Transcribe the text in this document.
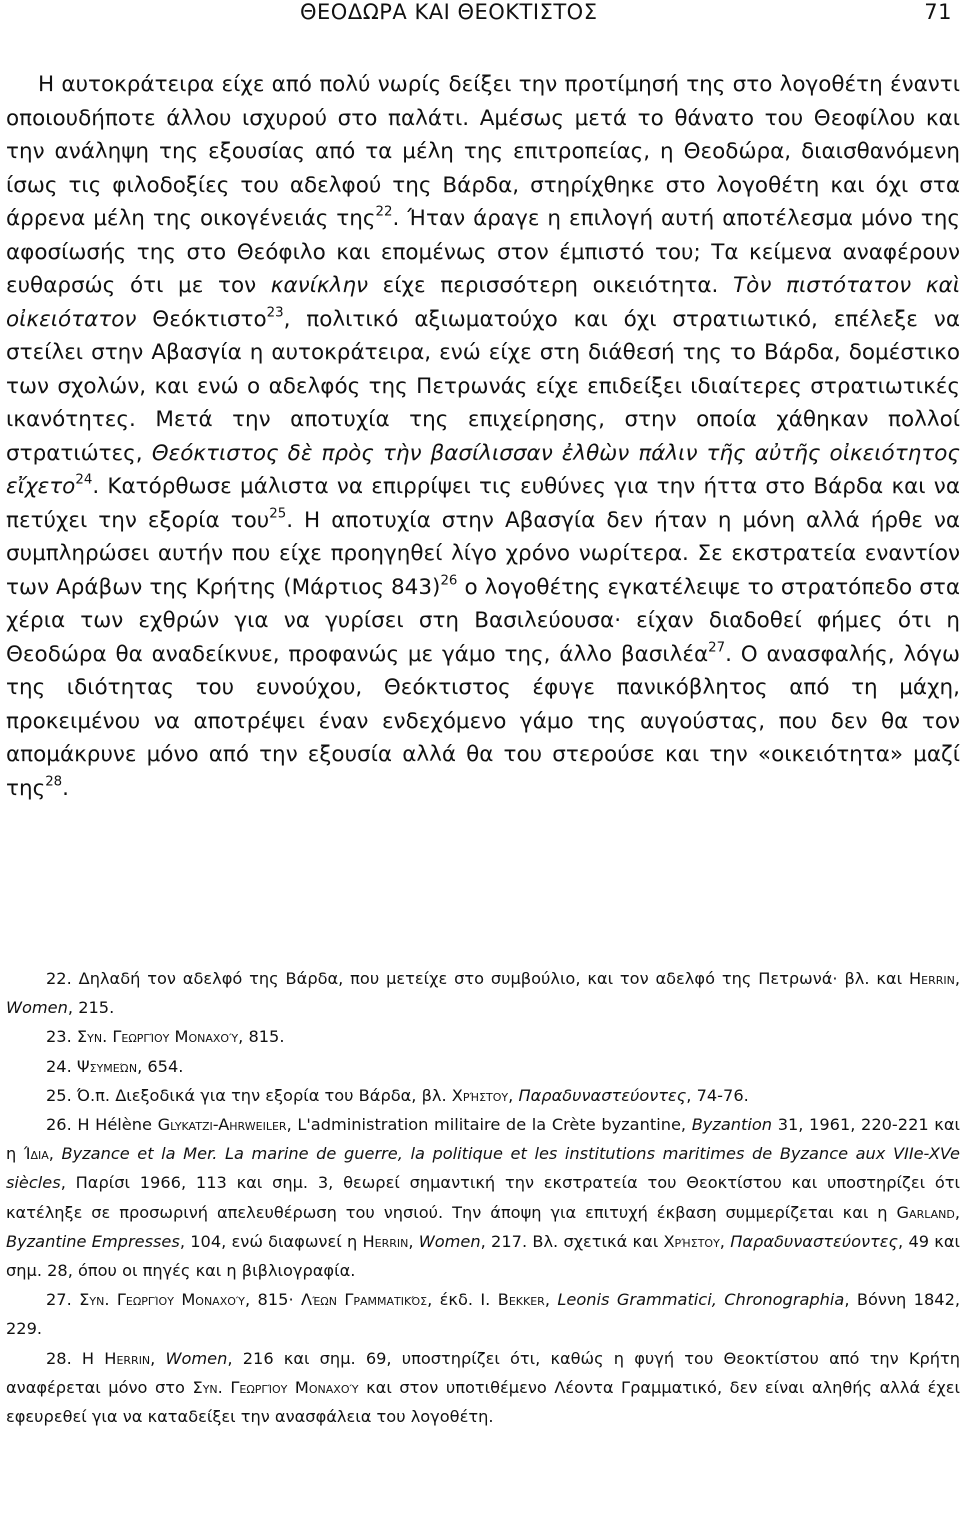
ΘΕΟΔΩΡΑ ΚΑΙ ΘΕΟΚΤΙΣΤΟΣ	71

Η αυτοκράτειρα είχε από πολύ νωρίς δείξει την προτίμησή της στο λογοθέτη έναντι οποιουδήποτε άλλου ισχυρού στο παλάτι. Αμέσως μετά το θάνατο του Θεοφίλου και την ανάληψη της εξουσίας από τα μέλη της επιτροπείας, η Θεοδώρα, διαισθανόμενη ίσως τις φιλοδοξίες του αδελφού της Βάρδα, στηρίχθηκε στο λογοθέτη και όχι στα άρρενα μέλη της οικογένειάς της$^{22}$. Ήταν άραγε η επιλογή αυτή αποτέλεσμα μόνο της αφοσίωσής της στο Θεόφιλο και επομένως στον έμπιστό του; Τα κείμενα αναφέρουν ευθαρσώς ότι με τον κανίκλην είχε περισσότερη οικειότητα. Τὸν πιστότατον καὶ οἰκειότατον Θεόκτιστο$^{23}$, πολιτικό αξιωματούχο και όχι στρατιωτικό, επέλεξε να στείλει στην Αβασγία η αυτοκράτειρα, ενώ είχε στη διάθεσή της το Βάρδα, δομέστικο των σχολών, και ενώ ο αδελφός της Πετρωνάς είχε επιδείξει ιδιαίτερες στρατιωτικές ικανότητες. Μετά την αποτυχία της επιχείρησης, στην οποία χάθηκαν πολλοί στρατιώτες, Θεόκτιστος δὲ πρὸς τὴν βασίλισσαν ἐλθὼν πάλιν τῆς αὐτῆς οἰκειότητος εἴχετο$^{24}$. Κατόρθωσε μάλιστα να επιρρίψει τις ευθύνες για την ήττα στο Βάρδα και να πετύχει την εξορία του$^{25}$. Η αποτυχία στην Αβασγία δεν ήταν η μόνη αλλά ήρθε να συμπληρώσει αυτήν που είχε προηγηθεί λίγο χρόνο νωρίτερα. Σε εκστρατεία εναντίον των Αράβων της Κρήτης (Μάρτιος 843)$^{26}$ ο λογοθέτης εγκατέλειψε το στρατόπεδο στα χέρια των εχθρών για να γυρίσει στη Βασιλεύουσα· είχαν διαδοθεί φήμες ότι η Θεοδώρα θα αναδείκνυε, προφανώς με γάμο της, άλλο βασιλέα$^{27}$. Ο ανασφαλής, λόγω της ιδιότητας του ευνούχου, Θεόκτιστος έφυγε πανικόβλητος από τη μάχη, προκειμένου να αποτρέψει έναν ενδεχόμενο γάμο της αυγούστας, που δεν θα τον απομάκρυνε μόνο από την εξουσία αλλά θα του στερούσε και την «οικειότητα» μαζί της$^{28}$.

22. Δηλαδή τον αδελφό της Βάρδα, που μετείχε στο συμβούλιο, και τον αδελφό της Πετρωνά· βλ. και Herrin, Women, 215.

23. Συν. Γεωργίου Μοναχού, 815.

24. Ψσυμεών, 654.

25. Ό.π. Διεξοδικά για την εξορία του Βάρδα, βλ. Χρήστου, Παραδυναστεύοντες, 74-76.

26. Η Hélène Glykatzi-Ahrweiler, L'administration militaire de la Crète byzantine, Byzantion 31, 1961, 220-221 και η Ίδια, Byzance et la Mer. La marine de guerre, la politique et les institutions maritimes de Byzance aux VIIe-XVe siècles, Παρίσι 1966, 113 και σημ. 3, θεωρεί σημαντική την εκστρατεία του Θεοκτίστου και υποστηρίζει ότι κατέληξε σε προσωρινή απελευθέρωση του νησιού. Την άποψη για επιτυχή έκβαση συμμερίζεται και η Garland, Byzantine Empresses, 104, ενώ διαφωνεί η Herrin, Women, 217. Βλ. σχετικά και Χρήστου, Παραδυναστεύοντες, 49 και σημ. 28, όπου οι πηγές και η βιβλιογραφία.

27. Συν. Γεωργίου Μοναχού, 815· Λέων Γραμματικός, έκδ. I. Bekker, Leonis Grammatici, Chronographia, Βόννη 1842, 229.

28. Η Herrin, Women, 216 και σημ. 69, υποστηρίζει ότι, καθώς η φυγή του Θεοκτίστου από την Κρήτη αναφέρεται μόνο στο Συν. Γεωργίου Μοναχού και στον υποτιθέμενο Λέοντα Γραμματικό, δεν είναι αληθής αλλά έχει εφευρεθεί για να καταδείξει την ανασφάλεια του λογοθέτη.
